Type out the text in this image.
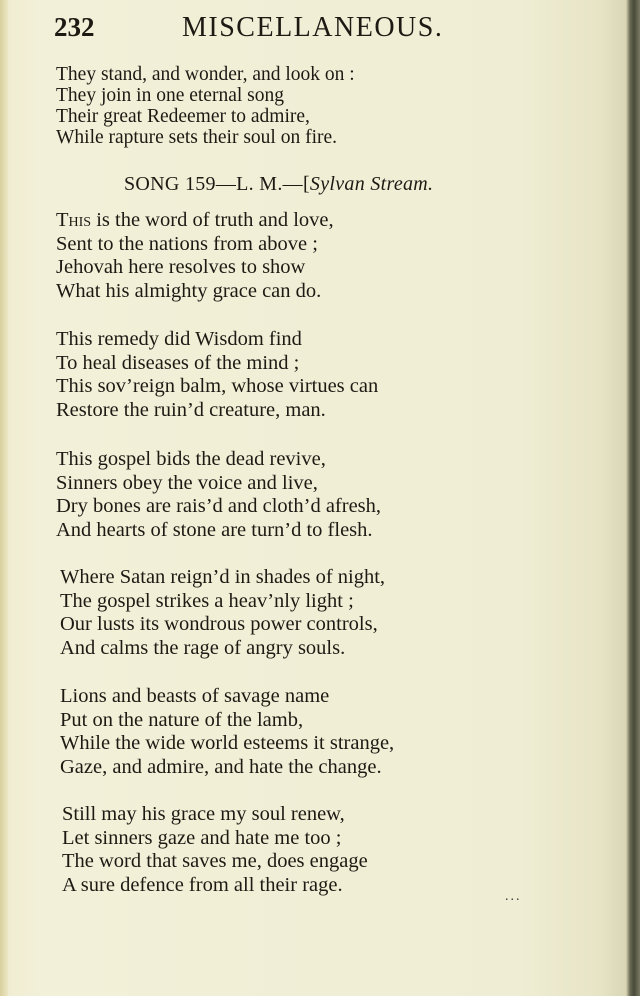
232	MISCELLANEOUS.
They stand, and wonder, and look on :
They join in one eternal song
Their great Redeemer to admire,
While rapture sets their soul on fire.
SONG 159—L. M.—[Sylvan Stream.
This is the word of truth and love,
Sent to the nations from above ;
Jehovah here resolves to show
What his almighty grace can do.
This remedy did Wisdom find
To heal diseases of the mind ;
This sov’reign balm, whose virtues can
Restore the ruin’d creature, man.
This gospel bids the dead revive,
Sinners obey the voice and live,
Dry bones are rais’d and cloth’d afresh,
And hearts of stone are turn’d to flesh.
Where Satan reign’d in shades of night,
The gospel strikes a heav’nly light ;
Our lusts its wondrous power controls,
And calms the rage of angry souls.
Lions and beasts of savage name
Put on the nature of the lamb,
While the wide world esteems it strange,
Gaze, and admire, and hate the change.
Still may his grace my soul renew,
Let sinners gaze and hate me too ;
The word that saves me, does engage
A sure defence from all their rage.
...
